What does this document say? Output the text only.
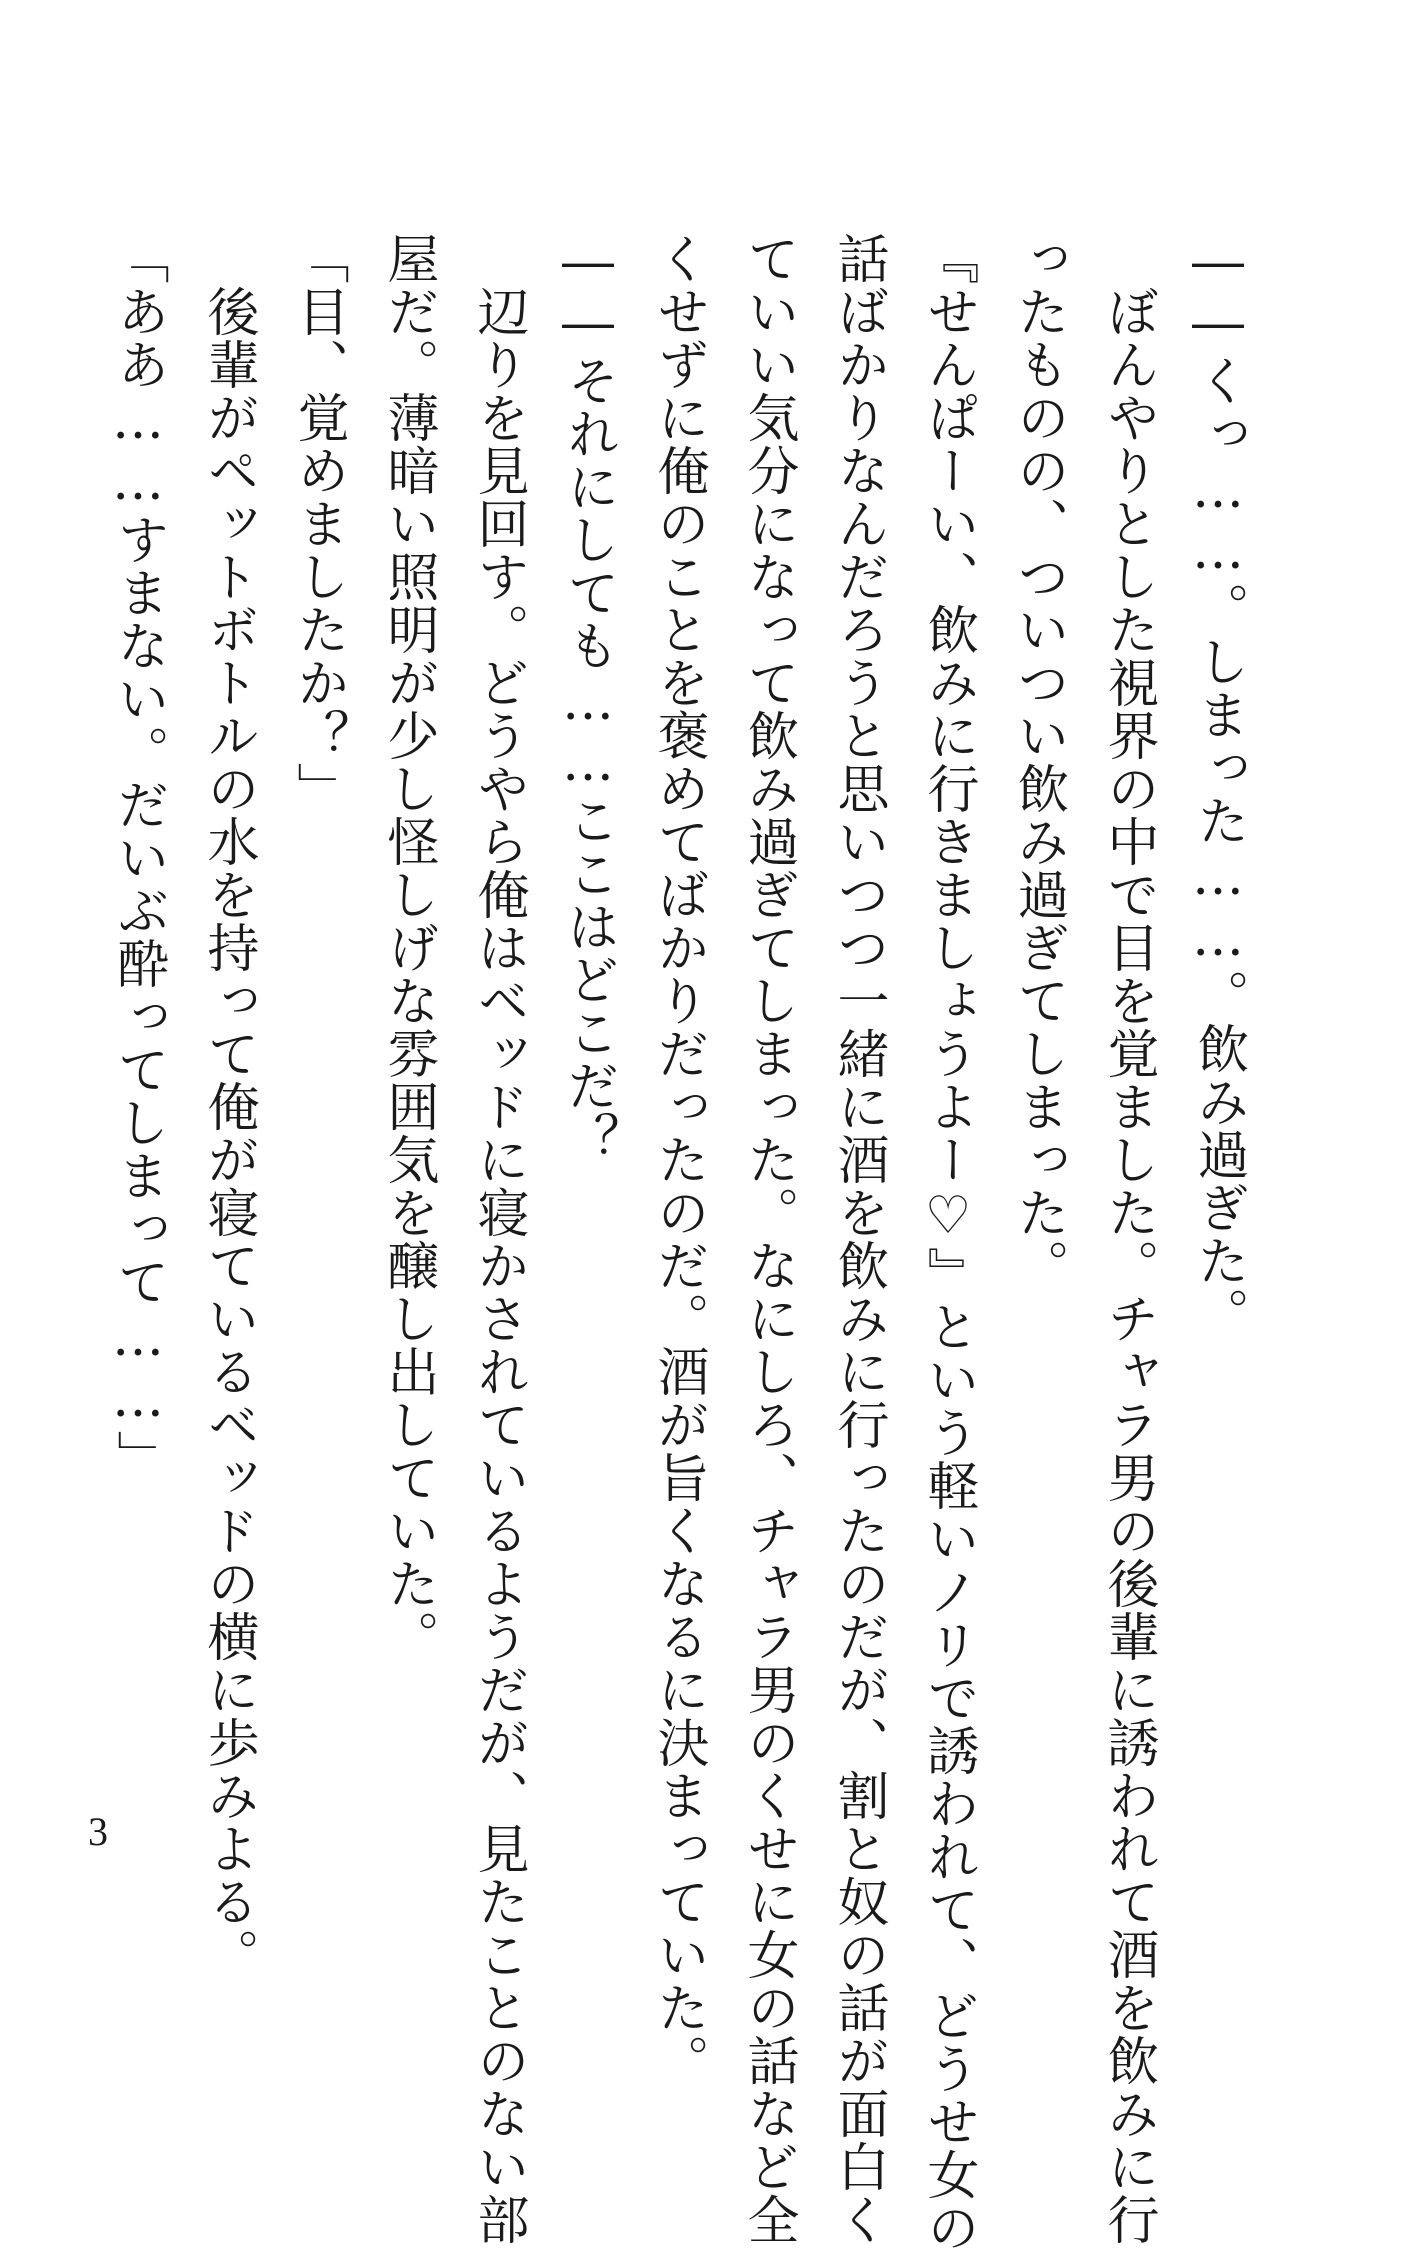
――くっ……。しまった……。飲み過ぎた。
　ぼんやりとした視界の中で目を覚ました。チャラ男の後輩に誘われて酒を飲みに行
ったものの、ついつい飲み過ぎてしまった。
『せんぱーい、飲みに行きましょうよー♡』という軽いノリで誘われて、どうせ女の
話ばかりなんだろうと思いつつ一緒に酒を飲みに行ったのだが、割と奴の話が面白く
ていい気分になって飲み過ぎてしまった。なにしろ、チャラ男のくせに女の話など全
くせずに俺のことを褒めてばかりだったのだ。酒が旨くなるに決まっていた。
――それにしても……ここはどこだ？
　辺りを見回す。どうやら俺はベッドに寝かされているようだが、見たことのない部
屋だ。薄暗い照明が少し怪しげな雰囲気を醸し出していた。
「目、覚めましたか？」
　後輩がペットボトルの水を持って俺が寝ているベッドの横に歩みよる。
「ああ……すまない。だいぶ酔ってしまって……」
3
